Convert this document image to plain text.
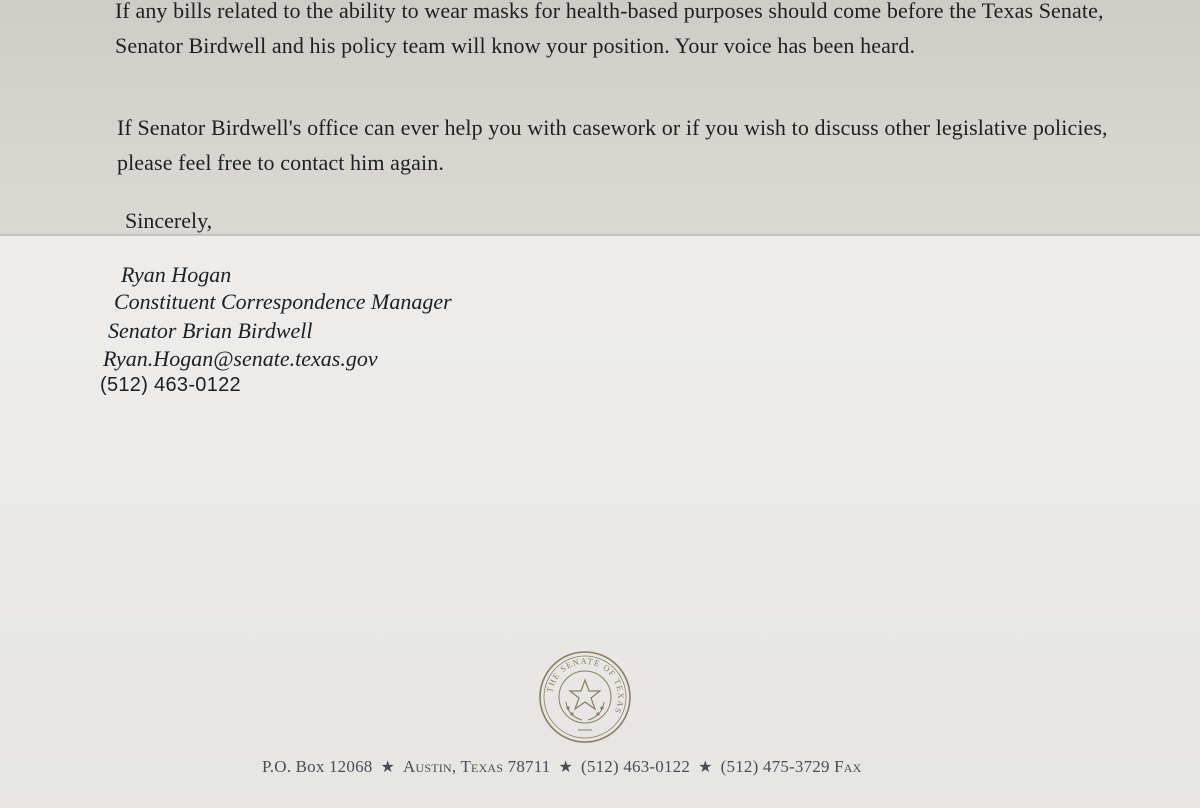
If any bills related to the ability to wear masks for health-based purposes should come before the Texas Senate, Senator Birdwell and his policy team will know your position. Your voice has been heard.

If Senator Birdwell's office can ever help you with casework or if you wish to discuss other legislative policies, please feel free to contact him again.

Sincerely,

Ryan Hogan

Constituent Correspondence Manager

Senator Brian Birdwell

Ryan.Hogan@senate.texas.gov

(512) 463-0122

THE SENATE OF TEXAS
P.O. Box 12068 ★ Austin, Texas 78711 ★ (512) 463-0122 ★ (512) 475-3729 Fax
